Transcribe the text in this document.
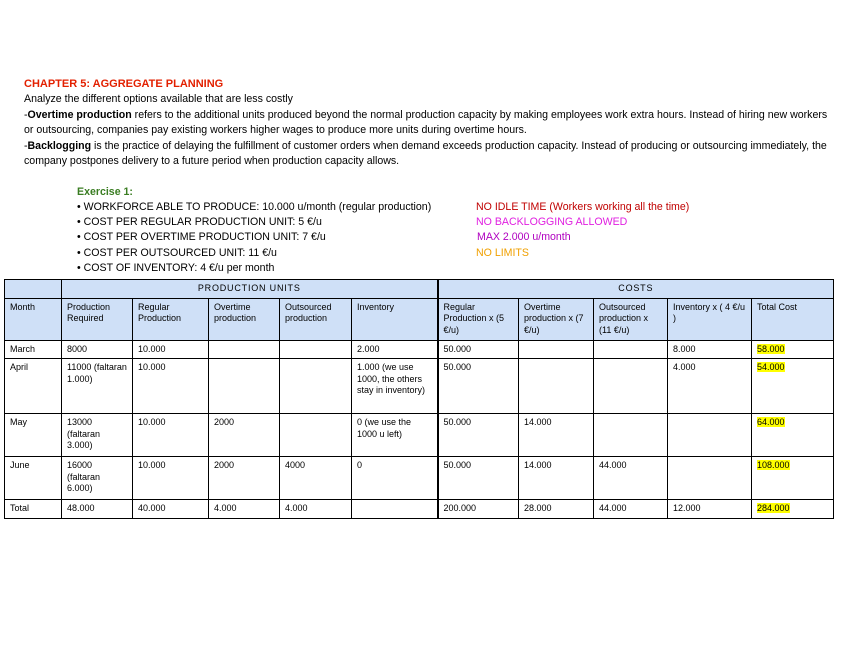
CHAPTER 5: AGGREGATE PLANNING
Analyze the different options available that are less costly
-Overtime production refers to the additional units produced beyond the normal production capacity by making employees work extra hours. Instead of hiring new workers or outsourcing, companies pay existing workers higher wages to produce more units during overtime hours.
-Backlogging is the practice of delaying the fulfillment of customer orders when demand exceeds production capacity. Instead of producing or outsourcing immediately, the company postpones delivery to a future period when production capacity allows.
Exercise 1:
• WORKFORCE ABLE TO PRODUCE: 10.000 u/month (regular production)	NO IDLE TIME (Workers working all the time)
• COST PER REGULAR PRODUCTION UNIT: 5 €/u	NO BACKLOGGING ALLOWED
• COST PER OVERTIME PRODUCTION UNIT: 7 €/u	MAX 2.000 u/month
• COST PER OUTSOURCED UNIT: 11 €/u	NO LIMITS
• COST OF INVENTORY: 4 €/u per month
	PRODUCTION UNITS					COSTS				
Month	Production Required	Regular Production	Overtime production	Outsourced production	Inventory	Regular Production x (5 €/u)	Overtime production x (7 €/u)	Outsourced production x (11 €/u)	Inventory x ( 4 €/u )	Total Cost
March	8000	10.000			2.000	50.000			8.000	58.000
April	11000 (faltaran 1.000)	10.000			1.000 (we use 1000, the others stay in inventory)	50.000			4.000	54.000
May	13000 (faltaran 3.000)	10.000	2000		0 (we use the 1000 u left)	50.000	14.000			64.000
June	16000 (faltaran 6.000)	10.000	2000	4000	0	50.000	14.000	44.000		108.000
Total	48.000	40.000	4.000	4.000		200.000	28.000	44.000	12.000	284.000
